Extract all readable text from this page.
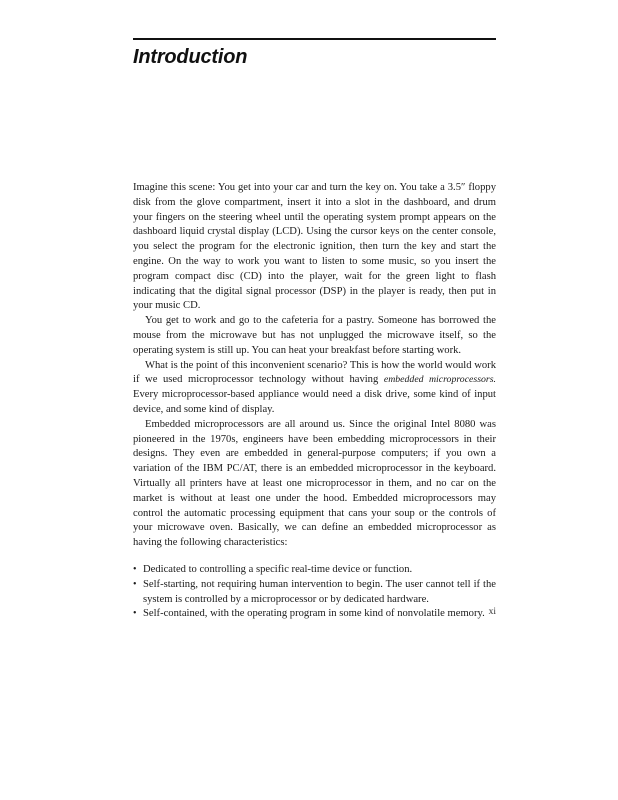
Introduction

Imagine this scene: You get into your car and turn the key on. You take a 3.5″ floppy disk from the glove compartment, insert it into a slot in the dashboard, and drum your fingers on the steering wheel until the operating system prompt appears on the dashboard liquid crystal display (LCD). Using the cursor keys on the center console, you select the program for the electronic ignition, then turn the key and start the engine. On the way to work you want to listen to some music, so you insert the program compact disc (CD) into the player, wait for the green light to flash indicating that the digital signal processor (DSP) in the player is ready, then put in your music CD.

You get to work and go to the cafeteria for a pastry. Someone has borrowed the mouse from the microwave but has not unplugged the microwave itself, so the operating system is still up. You can heat your breakfast before starting work.

What is the point of this inconvenient scenario? This is how the world would work if we used microprocessor technology without having embedded microprocessors. Every microprocessor-based appliance would need a disk drive, some kind of input device, and some kind of display.

Embedded microprocessors are all around us. Since the original Intel 8080 was pioneered in the 1970s, engineers have been embedding microprocessors in their designs. They even are embedded in general-purpose computers; if you own a variation of the IBM PC/AT, there is an embedded microprocessor in the keyboard. Virtually all printers have at least one microprocessor in them, and no car on the market is without at least one under the hood. Embedded microprocessors may control the automatic processing equipment that cans your soup or the controls of your microwave oven. Basically, we can define an embedded microprocessor as having the following characteristics:

• Dedicated to controlling a specific real-time device or function.
• Self-starting, not requiring human intervention to begin. The user cannot tell if the system is controlled by a microprocessor or by dedicated hardware.
• Self-contained, with the operating program in some kind of nonvolatile memory. xi
